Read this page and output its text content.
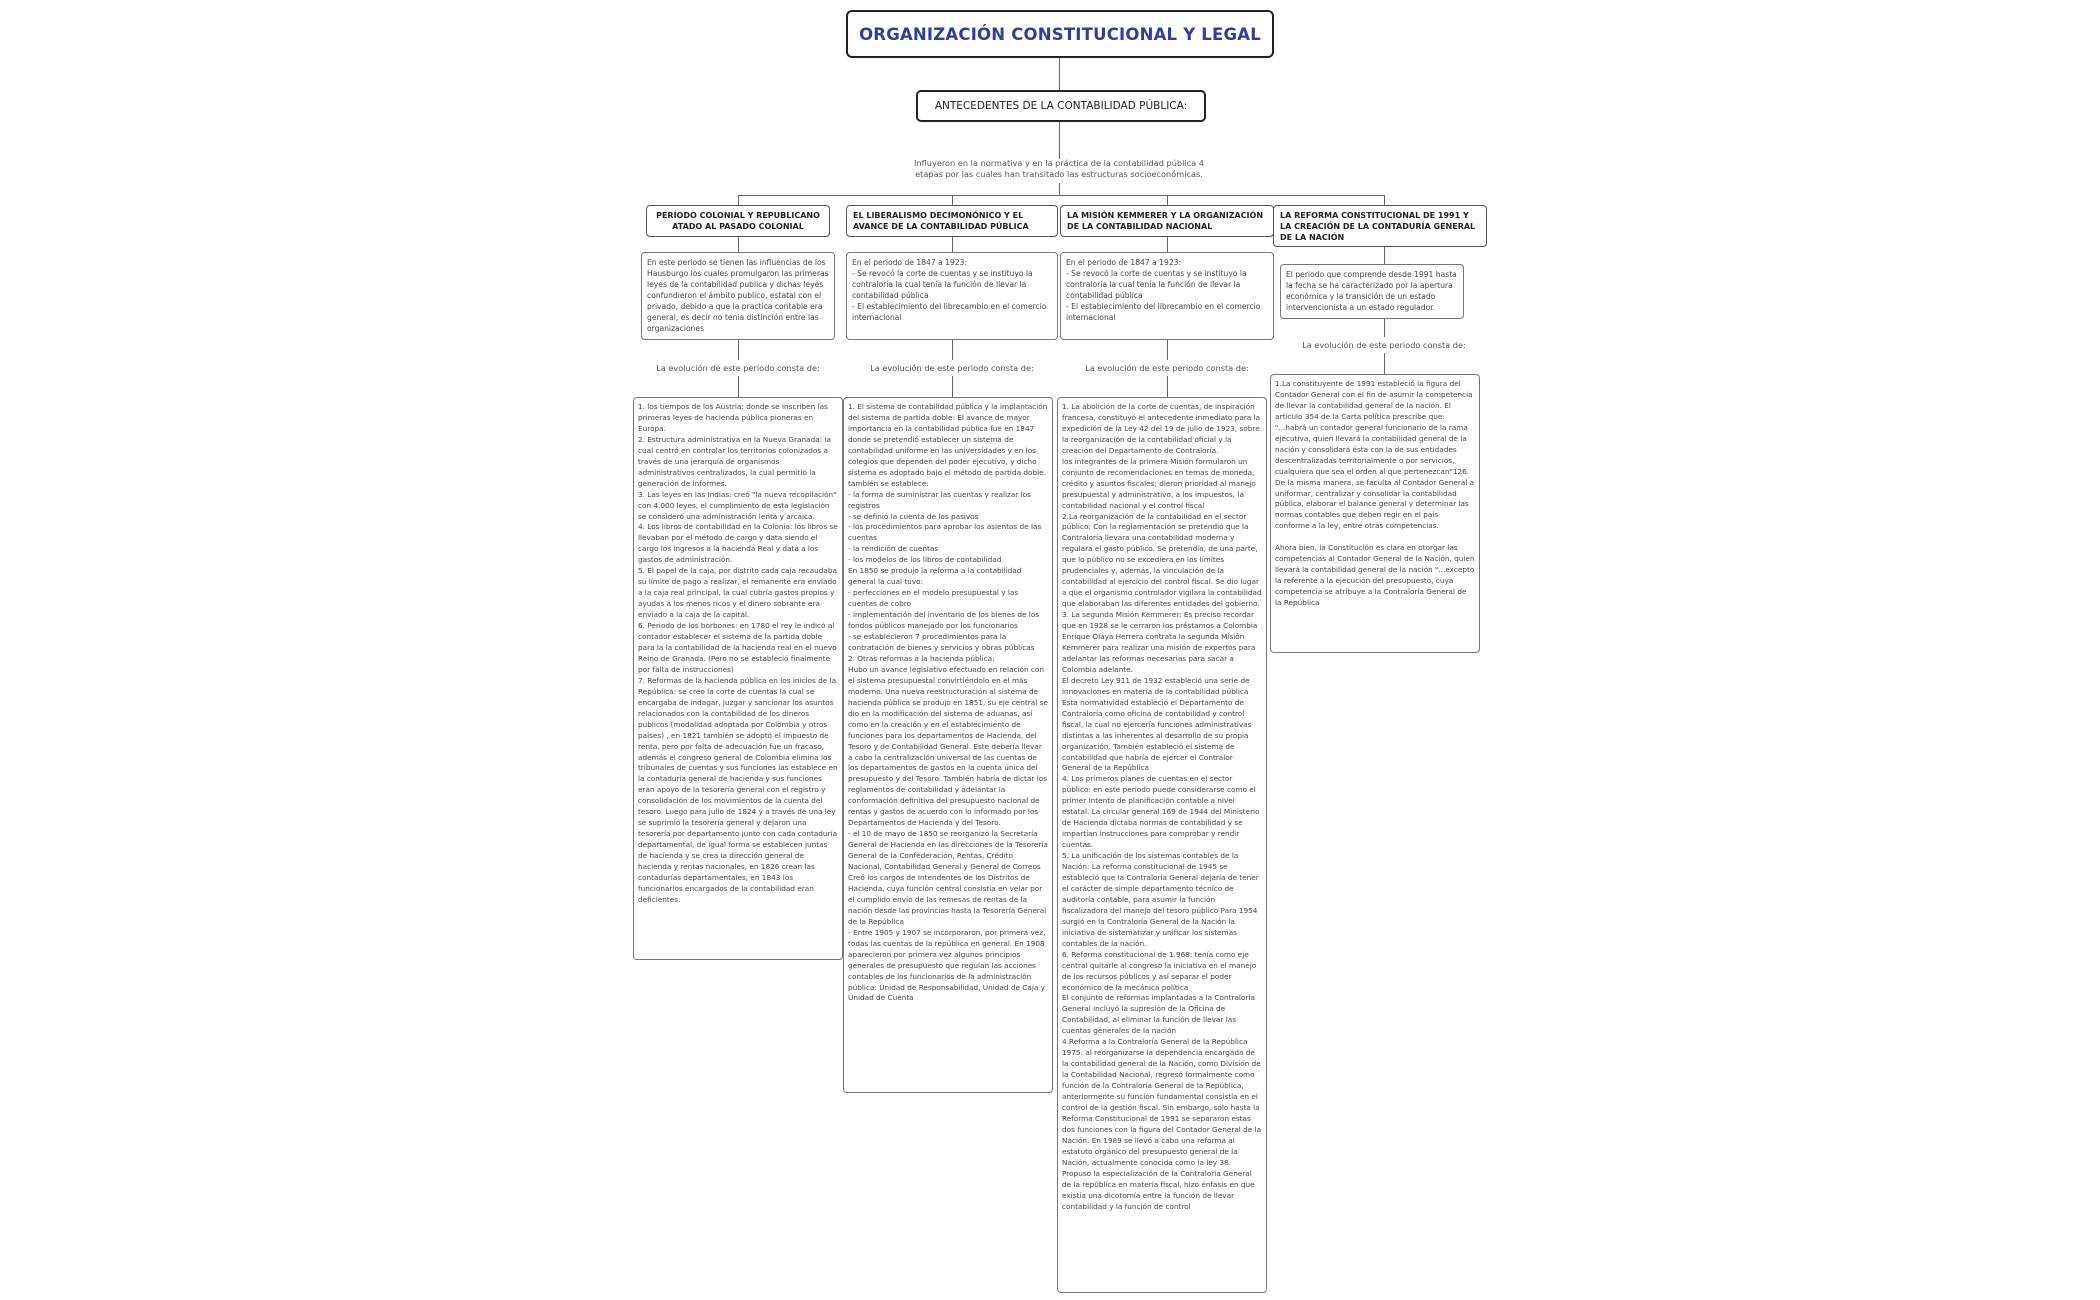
ORGANIZACIÓN CONSTITUCIONAL Y LEGAL
ANTECEDENTES DE LA CONTABILIDAD PÚBLICA:
Influyeron en la normativa y en la práctica de la contabilidad pública 4 etapas por las cuales han transitado las estructuras socioeconómicas.
PERÍODO COLONIAL Y REPUBLICANO ATADO AL PASADO COLONIAL
En este periodo se tienen las influencias de los Hausburgo los cuales promulgaron las primeras leyes de la contabilidad publica y dichas leyes confundieron el ámbito publico, estatal con el privado, debido a que la practica contable era general, es decir no tenia distinción entre las organizaciones
La evolución de este periodo consta de:
1. los tiempos de los Austria: donde se inscriben las primeras leyes de hacienda pública pioneras en Europa.
2. Estructura administrativa en la Nueva Granada: la cual centró en controlar los territorios colonizados a través de una jerarquía de organismos administrativos centralizados, la cual permitió la generación de informes.
3. Las leyes en las Indias: creó "la nueva recopilación" con 4.000 leyes, el cumplimiento de esta legislación se consideró una administración lenta y arcaica.
4. Los libros de contabilidad en la Colonia: los libros se llevaban por el método de cargo y data siendo el cargo los ingresos a la hacienda Real y data a los gastos de administración.
5. El papel de la caja, por distrito cada caja recaudaba su límite de pago a realizar, el remanente era enviado a la caja real principal, la cual cubría gastos propios y ayudas a los menos ricos y el dinero sobrante era enviado a la caja de la capital.
6. Periodo de los borbones: en 1780 el rey le indicó al contador establecer el sistema de la partida doble para la la contabilidad de la hacienda real en el nuevo Reino de Granada. (Pero no se estableció finalmente por falta de instrucciones)
7. Reformas de la hacienda pública en los inicios de la República: se creo la corte de cuentas la cual se encargaba de indagar, juzgar y sancionar los asuntos relacionados con la contabilidad de los dineros publicos (modalidad adoptada por Colombia y otros paises) , en 1821 también se adoptó el impuesto de renta, pero por falta de adecuación fue un fracaso, además el congreso general de Colombia elimina los tribunales de cuentas y sus funciones las establece en la contaduría general de hacienda y sus funciones eran apoyo de la tesorería general con el registro y consolidación de los movimientos de la cuenta del tesoro. Luego para julio de 1824 y a través de una ley se suprimió la tesorería general y dejaron una tesorería por departamento junto con cada contaduría departamental, de igual forma se establecen juntas de hacienda y se crea la dirección general de hacienda y rentas nacionales, en 1826 crean las contadurías departamentales, en 1843 los funcionarios encargados de la contabilidad eran deficientes.
EL LIBERALISMO DECIMONÓNICO Y EL AVANCE DE LA CONTABILIDAD PÚBLICA
En el periodo de 1847 a 1923:
- Se revocó la corte de cuentas y se instituyo la contraloría la cual tenía la función de llevar la contabilidad pública
- El establecimiento del librecambio en el comercio internacional
La evolución de este periodo consta de:
1. El sistema de contabilidad pública y la implantación del sistema de partida doble: El avance de mayor importancia en la contabilidad pública fue en 1847 donde se pretendió establecer un sistema de contabilidad uniforme en las universidades y en los colegios que dependen del poder ejecutivo, y dicho sistema es adoptado bajo el método de partida doble.
también se establece:
- la forma de suministrar las cuentas y realizar los registros
- se definió la cuenta de los pasivos
- los procedimientos para aprobar los asientos de las cuentas
- la rendición de cuentas
- los modelos de los libros de contabilidad
En 1850 se produjo la reforma a la contabilidad general la cual tuvo:
- perfecciones en el modelo presupuestal y las cuentas de cobro
- implementación del inventario de los bienes de los fondos públicos manejado por los funcionarios
- se establecieron 7 procedimientos para la contratación de bienes y servicios y obras públicas
2. Otras reformas a la hacienda pública:
Hubo un avance legislativo efectuado en relación con el sistema presupuestal convirtiéndolo en el más moderno. Una nueva reestructuración al sistema de hacienda pública se produjo en 1851, su eje central se dio en la modificación del sistema de aduanas, así como en la creación y en el establecimiento de funciones para los departamentos de Hacienda, del Tesoro y de Contabilidad General. Este debería llevar a cabo la centralización universal de las cuentas de los departamentos de gastos en la cuenta única del presupuesto y del Tesoro. También habría de dictar los reglamentos de contabilidad y adelantar la conformación definitiva del presupuesto nacional de rentas y gastos de acuerdo con lo informado por los Departamentos de Hacienda y del Tesoro.
- el 10 de mayo de 1850 se reorganizó la Secretaría General de Hacienda en las direcciones de la Tesorería General de la Confederación, Rentas, Crédito Nacional, Contabilidad General y General de Correos Creó los cargos de Intendentes de los Distritos de Hacienda, cuya función central consistía en velar por el cumplido envío de las remesas de rentas de la nación desde las provincias hasta la Tesorería General de la República
- Entre 1905 y 1907 se incorporaron, por primera vez, todas las cuentas de la república en general. En 1908 aparecieron por primera vez algunos principios generales de presupuesto que regulan las acciones contables de los funcionarios de la administración pública: Unidad de Responsabilidad, Unidad de Caja y Unidad de Cuenta
LA MISIÓN KEMMERER Y LA ORGANIZACIÓN DE LA CONTABILIDAD NACIONAL
En el periodo de 1847 a 1923:
- Se revocó la corte de cuentas y se instituyo la contraloría la cual tenía la función de llevar la contabilidad pública
- El establecimiento del librecambio en el comercio internacional
La evolución de este periodo consta de:
1. La abolición de la corte de cuentas, de inspiración francesa, constituyó el antecedente inmediato para la expedición de la Ley 42 del 19 de julio de 1923, sobre la reorganización de la contabilidad oficial y la creación del Departamento de Contraloría.
los integrantes de la primera Misión formularon un conjunto de recomendaciones en temas de moneda, crédito y asuntos fiscales; dieron prioridad al manejo presupuestal y administrativo, a los impuestos, la contabilidad nacional y el control fiscal
2.La reorganización de la contabilidad en el sector público: Con la reglamentación se pretendió que la Contraloría llevara una contabilidad moderna y regulara el gasto público. Se pretendía, de una parte, que lo público no se excediera en los límites prudenciales y, además, la vinculación de la contabilidad al ejercicio del control fiscal. Se dio lugar a que el organismo controlador vigilara la contabilidad que elaboraban las diferentes entidades del gobierno.
3. La segunda Misión Kemmerer: Es preciso recordar que en 1928 se le cerraron los préstamos a Colombia Enrique Olaya Herrera contrata la segunda Misión Kemmerer para realizar una misión de expertos para adelantar las reformas necesarias para sacar a Colombia adelante.
El decreto Ley 911 de 1932 estableció una serie de innovaciones en materia de la contabilidad pública Esta normatividad estableció el Departamento de Contraloría como oficina de contabilidad y control fiscal, la cual no ejercería funciones administrativas distintas a las inherentes al desarrollo de su propia organización. También estableció el sistema de contabilidad que habría de ejercer el Contralor General de la República
4. Los primeros planes de cuentas en el sector público: en este periodo puede considerarse como el primer intento de planificación contable a nivel estatal. La circular general 169 de 1944 del Ministerio de Hacienda dictaba normas de contabilidad y se impartían instrucciones para comprobar y rendir cuentas.
5. La unificación de los sistemas contables de la Nación: La reforma constitucional de 1945 se estableció que la Contraloría General dejaría de tener el carácter de simple departamento técnico de auditoría contable, para asumir la función fiscalizadora del manejo del tesoro público Para 1954 surgió en la Contraloría General de la Nación la iniciativa de sistematizar y unificar los sistemas contables de la nación.
6. Reforma constitucional de 1.968: tenía como eje central quitarle al congreso la iniciativa en el manejo de los recursos públicos y así separar el poder económico de la mecánica política
El conjunto de reformas implantadas a la Contraloría General incluyó la supresión de la Oficina de Contabilidad, al eliminar la función de llevar las cuentas generales de la nación
4.Reforma a la Contraloría General de la República 1975: al reorganizarse la dependencia encargada de la contabilidad general de la Nación, como División de la Contabilidad Nacional, regresó formalmente como función de la Contraloría General de la República, anteriormente su función fundamental consistía en el control de la gestión fiscal. Sin embargo, solo hasta la Reforma Constitucional de 1991 se separaron estas dos funciones con la figura del Contador General de la Nación. En 1989 se llevó a cabo una reforma al estatuto orgánico del presupuesto general de la Nación, actualmente conocida como la ley 38. Propuso la especialización de la Contraloría General de la república en materia fiscal, hizo énfasis en que existía una dicotomía entre la función de llevar contabilidad y la función de control
LA REFORMA CONSTITUCIONAL DE 1991 Y LA CREACIÓN DE LA CONTADURÍA GENERAL DE LA NACIÓN
El periodo que comprende desde 1991 hasta la fecha se ha caracterizado por la apertura económica y la transición de un estado intervencionista a un estado regulador.
La evolución de este periodo consta de:
1.La constituyente de 1991 estableció la figura del Contador General con el fin de asumir la competencia de llevar la contabilidad general de la nación. El artículo 354 de la Carta política prescribe que: "...habrá un contador general funcionario de la rama ejecutiva, quien llevará la contabilidad general de la nación y consolidará ésta con la de sus entidades descentralizadas territorialmente o por servicios, cualquiera que sea el orden al que pertenezcan"126. De la misma manera, se faculta al Contador General a uniformar, centralizar y consolidar la contabilidad pública, elaborar el balance general y determinar las normas contables que deben regir en el país conforme a la ley, entre otras competencias.

Ahora bien, la Constitución es clara en otorgar las competencias al Contador General de la Nación, quien llevará la contabilidad general de la nación "...excepto la referente a la ejecución del presupuesto, cuya competencia se atribuye a la Contraloría General de la República
